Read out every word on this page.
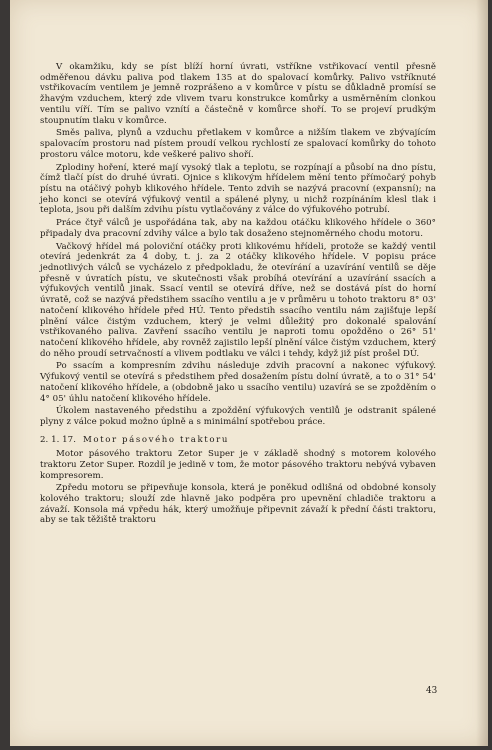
V okamžiku, kdy se píst blíží horní úvrati, vstříkne vstřikovací ventil přesně odměřenou dávku paliva pod tlakem 135 at do spalovací komůrky. Palivo vstříknuté vstřikovacím ventilem je jemně rozprášeno a v komůrce v pístu se důkladně promísí se žhavým vzduchem, který zde vlivem tvaru konstrukce komůrky a usměrněním clonkou ventilu víří. Tím se palivo vznítí a částečně v komůrce shoří. To se projeví prudkým stoupnutím tlaku v komůrce.

Směs paliva, plynů a vzduchu přetlakem v komůrce a nižším tlakem ve zbývajícím spalovacím prostoru nad pístem proudí velkou rychlostí ze spalovací komůrky do tohoto prostoru válce motoru, kde veškeré palivo shoří.

Zplodiny hoření, které mají vysoký tlak a teplotu, se rozpínají a působí na dno pístu, čímž tlačí píst do druhé úvrati. Ojnice s klikovým hřídelem mění tento přímočarý pohyb pístu na otáčivý pohyb klikového hřídele. Tento zdvih se nazývá pracovní (expansní); na jeho konci se otevírá výfukový ventil a spálené plyny, u nichž rozpínáním klesl tlak i teplota, jsou při dalším zdvihu pístu vytlačovány z válce do výfukového potrubí.

Práce čtyř válců je uspořádána tak, aby na každou otáčku klikového hřídele o 360° připadaly dva pracovní zdvihy válce a bylo tak dosaženo stejnoměrného chodu motoru.

Vačkový hřídel má poloviční otáčky proti klikovému hřídeli, protože se každý ventil otevírá jedenkrát za 4 doby, t. j. za 2 otáčky klikového hřídele. V popisu práce jednotlivých válců se vycházelo z předpokladu, že otevírání a uzavírání ventilů se děje přesně v úvratích pístu, ve skutečnosti však probíhá otevírání a uzavírání ssacích a výfukových ventilů jinak. Ssací ventil se otevírá dříve, než se dostává píst do horní úvratě, což se nazývá předstihem ssacího ventilu a je v průměru u tohoto traktoru 8° 03' natočení klikového hřídele před HÚ. Tento předstih ssacího ventilu nám zajišťuje lepší plnění válce čistým vzduchem, který je velmi důležitý pro dokonalé spalování vstřikovaného paliva. Zavření ssacího ventilu je naproti tomu opožděno o 26° 51' natočení klikového hřídele, aby rovněž zajistilo lepší plnění válce čistým vzduchem, který do něho proudí setrvačností a vlivem podtlaku ve válci i tehdy, když již píst prošel DÚ.

Po ssacím a kompresním zdvihu následuje zdvih pracovní a nakonec výfukový. Výfukový ventil se otevírá s předstihem před dosažením pístu dolní úvratě, a to o 31° 54' natočení klikového hřídele, a (obdobně jako u ssacího ventilu) uzavírá se se zpožděním o 4° 05' úhlu natočení klikového hřídele.

Úkolem nastaveného předstihu a zpoždění výfukových ventilů je odstranit spálené plyny z válce pokud možno úplně a s minimální spotřebou práce.

2. 1. 17. Motor pásového traktoru

Motor pásového traktoru Zetor Super je v základě shodný s motorem kolového traktoru Zetor Super. Rozdíl je jedině v tom, že motor pásového traktoru nebývá vybaven kompresorem.

Zpředu motoru se připevňuje konsola, která je poněkud odlišná od obdobné konsoly kolového traktoru; slouží zde hlavně jako podpěra pro upevnění chladiče traktoru a závaží. Konsola má vpředu hák, který umožňuje připevnit závaží k přední části traktoru, aby se tak těžiště traktoru

43
